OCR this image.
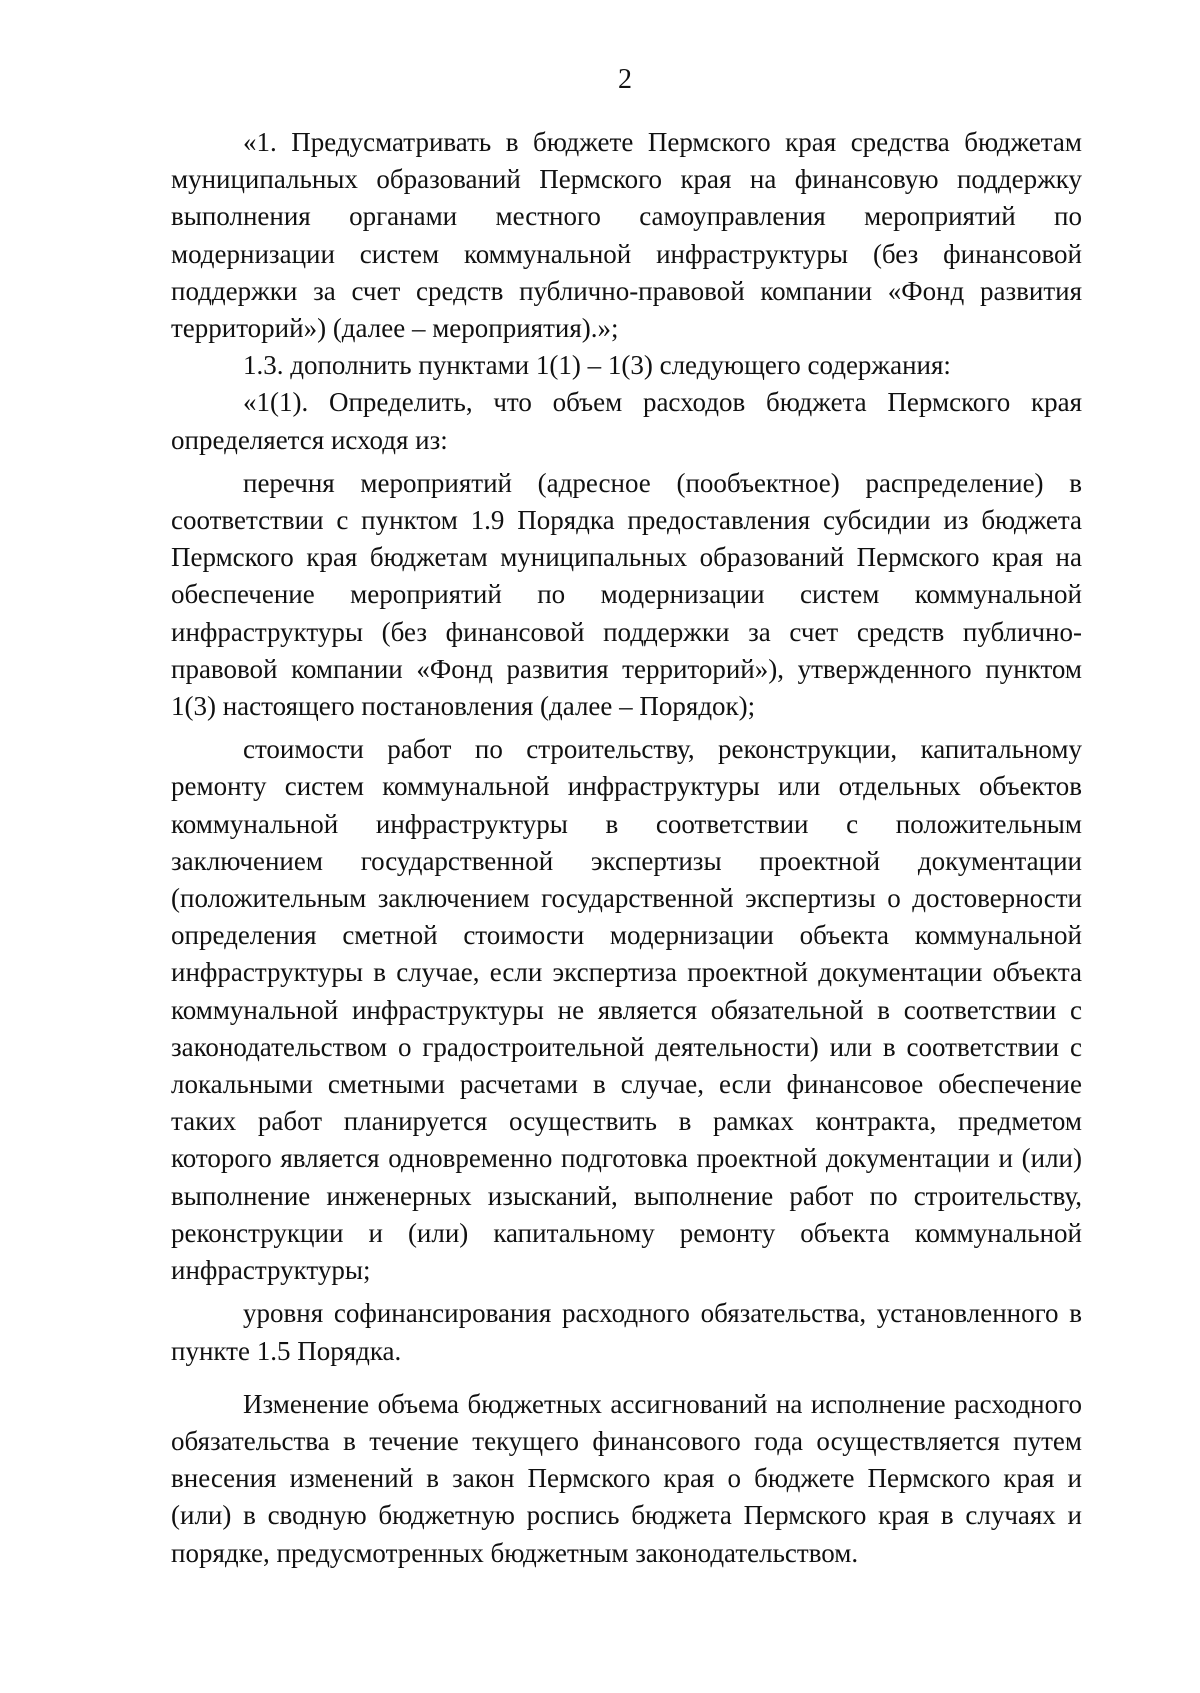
2

«1. Предусматривать в бюджете Пермского края средства бюджетам муниципальных образований Пермского края на финансовую поддержку выполнения органами местного самоуправления мероприятий по модернизации систем коммунальной инфраструктуры (без финансовой поддержки за счет средств публично-правовой компании «Фонд развития территорий») (далее – мероприятия).»;

1.3. дополнить пунктами 1(1) – 1(3) следующего содержания:

«1(1). Определить, что объем расходов бюджета Пермского края определяется исходя из:

перечня мероприятий (адресное (пообъектное) распределение) в соответствии с пунктом 1.9 Порядка предоставления субсидии из бюджета Пермского края бюджетам муниципальных образований Пермского края на обеспечение мероприятий по модернизации систем коммунальной инфраструктуры (без финансовой поддержки за счет средств публично-правовой компании «Фонд развития территорий»), утвержденного пунктом 1(3) настоящего постановления (далее – Порядок);

стоимости работ по строительству, реконструкции, капитальному ремонту систем коммунальной инфраструктуры или отдельных объектов коммунальной инфраструктуры в соответствии с положительным заключением государственной экспертизы проектной документации (положительным заключением государственной экспертизы о достоверности определения сметной стоимости модернизации объекта коммунальной инфраструктуры в случае, если экспертиза проектной документации объекта коммунальной инфраструктуры не является обязательной в соответствии с законодательством о градостроительной деятельности) или в соответствии с локальными сметными расчетами в случае, если финансовое обеспечение таких работ планируется осуществить в рамках контракта, предметом которого является одновременно подготовка проектной документации и (или) выполнение инженерных изысканий, выполнение работ по строительству, реконструкции и (или) капитальному ремонту объекта коммунальной инфраструктуры;

уровня софинансирования расходного обязательства, установленного в пункте 1.5 Порядка.

Изменение объема бюджетных ассигнований на исполнение расходного обязательства в течение текущего финансового года осуществляется путем внесения изменений в закон Пермского края о бюджете Пермского края и (или) в сводную бюджетную роспись бюджета Пермского края в случаях и порядке, предусмотренных бюджетным законодательством.
